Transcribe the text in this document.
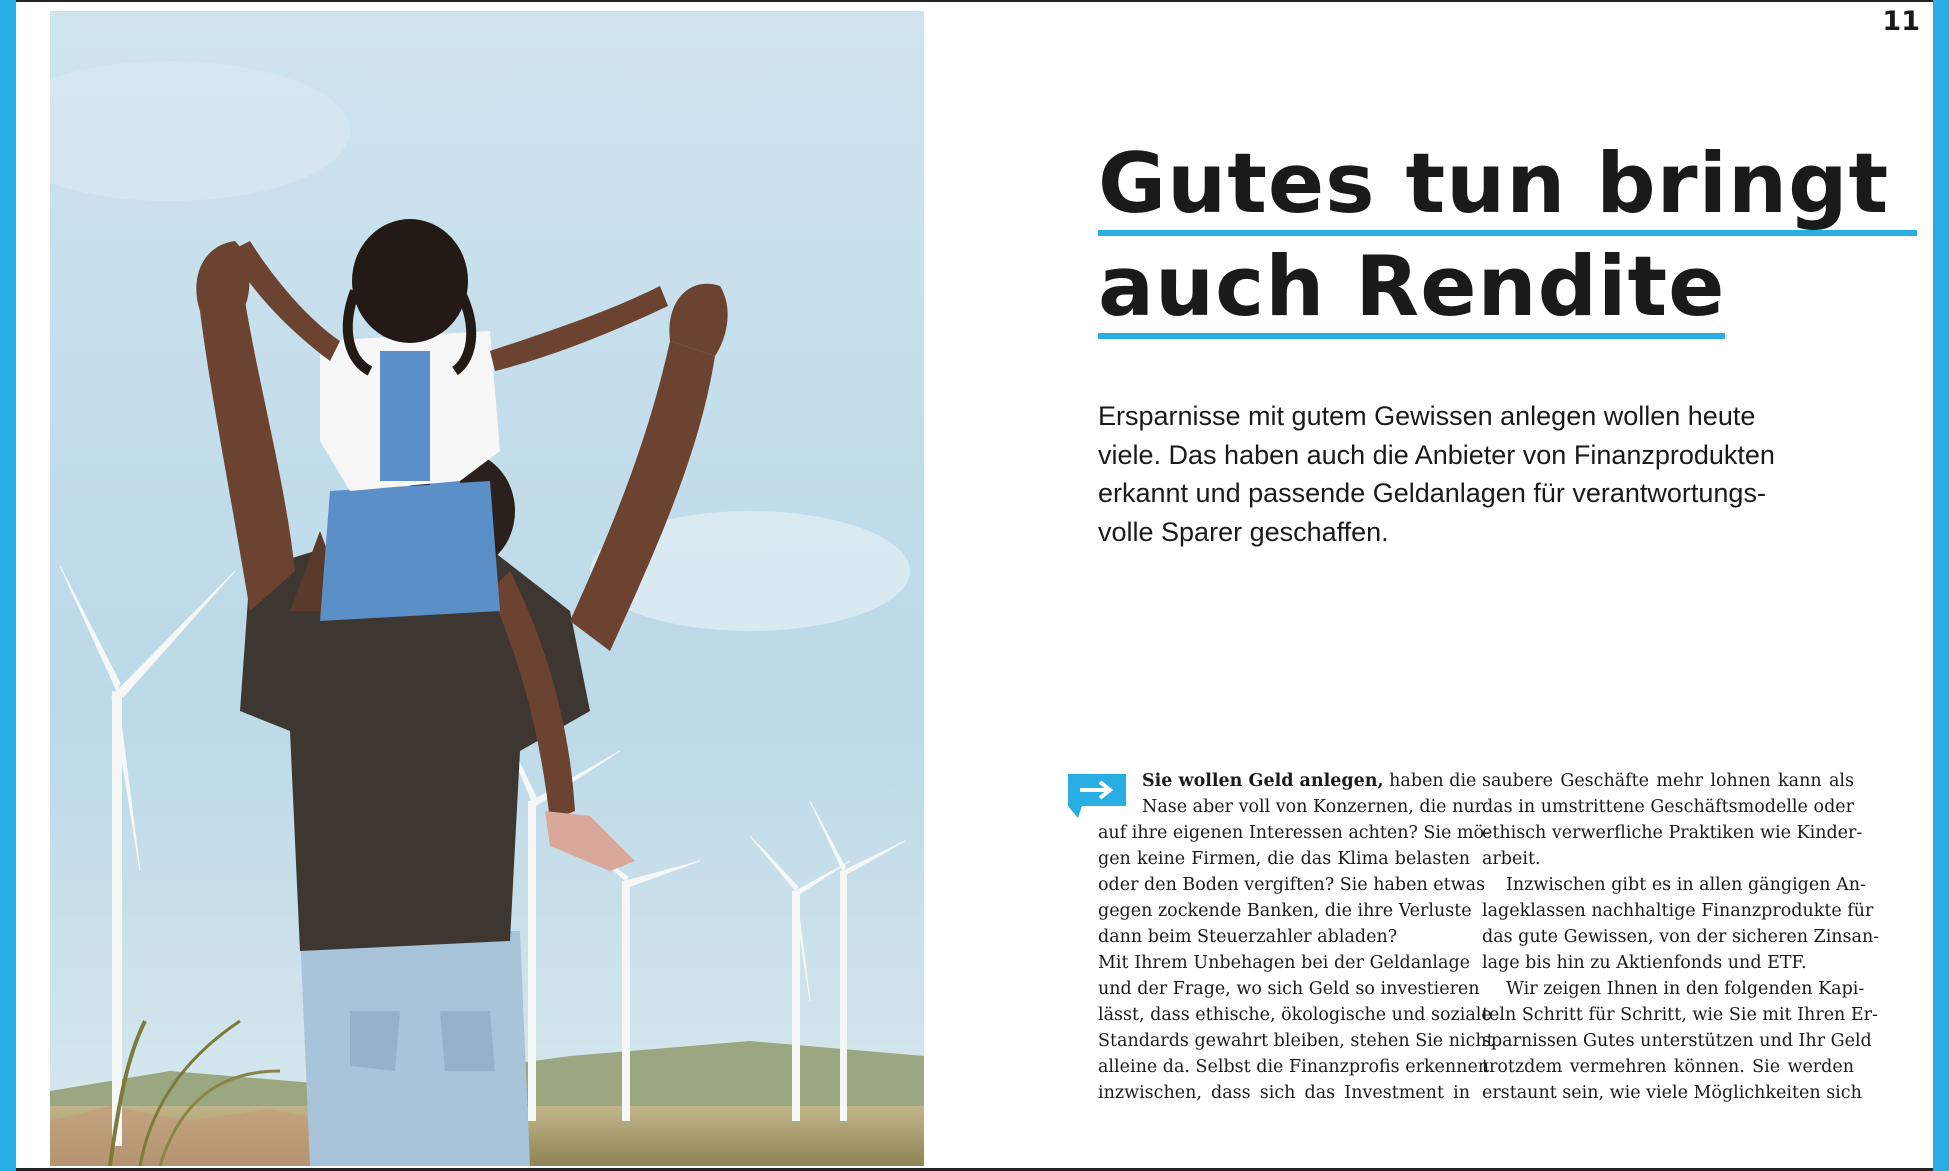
11
Gutes tun bringt
auch Rendite
Ersparnisse mit gutem Gewissen anlegen wollen heute
viele. Das haben auch die Anbieter von Finanzprodukten
erkannt und passende Geldanlagen für verantwortungs-
volle Sparer geschaffen.
Sie wollen Geld anlegen, haben die
Nase aber voll von Konzernen, die nur
auf ihre eigenen Interessen achten? Sie mö-
gen keine Firmen, die das Klima belasten
oder den Boden vergiften? Sie haben etwas
gegen zockende Banken, die ihre Verluste
dann beim Steuerzahler abladen?
Mit Ihrem Unbehagen bei der Geldanlage
und der Frage, wo sich Geld so investieren
lässt, dass ethische, ökologische und soziale
Standards gewahrt bleiben, stehen Sie nicht
alleine da. Selbst die Finanzprofis erkennen
inzwischen, dass sich das Investment in
saubere Geschäfte mehr lohnen kann als
das in umstrittene Geschäftsmodelle oder
ethisch verwerfliche Praktiken wie Kinder-
arbeit.
Inzwischen gibt es in allen gängigen An-
lageklassen nachhaltige Finanzprodukte für
das gute Gewissen, von der sicheren Zinsan-
lage bis hin zu Aktienfonds und ETF.
Wir zeigen Ihnen in den folgenden Kapi-
teln Schritt für Schritt, wie Sie mit Ihren Er-
sparnissen Gutes unterstützen und Ihr Geld
trotzdem vermehren können. Sie werden
erstaunt sein, wie viele Möglichkeiten sich
